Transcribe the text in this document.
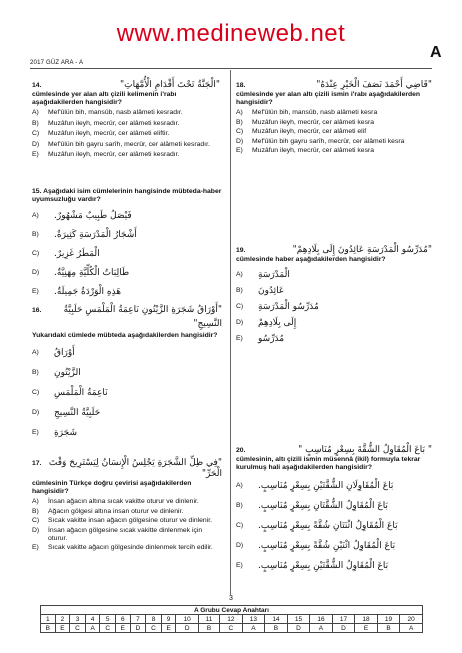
www.medineweb.net
A
2017 GÜZ ARA - A
14.	"الْجَنَّةُ تَحْتَ أَقْدَامِ الْأُمَّهَاتِ"
cümlesinde yer alan altı çizili kelimenin i'rabı aşağıdakilerden hangisidir?
A)	Mef'ûlün bih, mansûb, nasb alâmeti kesradır.
B)	Muzâfun ileyh, mecrûr, cer alâmeti kesradır.
C)	Muzâfun ileyh, mecrûr, cer alâmeti eliftir.
D)	Mef'ûlün bih gayru sarîh, mecrûr, cer alâmeti kesradır.
E)	Muzâfun ileyh, mecrûr, cer alâmeti kesradır.
15. Aşağıdaki isim cümlelerinin hangisinde mübteda-haber uyumsuzluğu vardır?
A)	فَيْصَلُ طَبِيبٌ مَشْهُورٌ.
B)	أَشْجَارُ الْمَدْرَسَةِ كَثِيرَةٌ.
C)	الْمَطَرُ غَزِيرٌ.
D)	طَالِبَاتُ الْكُلِّيَّةِ مِهَنِيَّةٌ.
E)	هَذِهِ الْوَرْدَةُ جَمِيلَةٌ.
16.	"أَوْرَاقُ شَجَرَةِ الزَّيْتُونِ نَاعِمَةُ الْمَلْمَسِ حَلَبِيَّةُ
النَّسِيجِ"
Yukarıdaki cümlede mübteda aşağıdakilerden hangisidir?
A)	أَوْرَاقُ
B)	الزَّيْتُونِ
C)	نَاعِمَةُ الْمَلْمَسِ
D)	حَلَبِيَّةُ النَّسِيجِ
E)	شَجَرَةِ
17. "فِي ظِلِّ الشَّجَرَةِ يَجْلِسُ الْإِنسَانُ لِيَسْتَرِيحَ وَقْتَ الْحَرِّ"
cümlesinin Türkçe doğru çevirisi aşağıdakilerden hangisidir?
A)	İnsan ağacın altına sıcak vakitte oturur ve dinlenir.
B)	Ağacın gölgesi altına insan oturur ve dinlenir.
C)	Sıcak vakitte insan ağacın gölgesine oturur ve dinlenir.
D)	İnsan ağacın gölgesine sıcak vakitte dinlenmek için oturur.
E)	Sıcak vakitte ağacın gölgesinde dinlenmek tercih edilir.
18.	"قَاضِي أَحْمَدَ نَصَفَ الْخَيْرِ عِنْدَهُ"
cümlesinde yer alan altı çizili ismin i'rabı aşağıdakilerden hangisidir?
A)	Mef'ûlün bih, mansûb, nasb alâmeti kesra
B)	Muzâfun ileyh, mecrûr, cer alâmeti kesra
C)	Muzâfun ileyh, mecrûr, cer alâmeti elif
D)	Mef'ûlün bih gayru sarîh, mecrûr, cer alâmeti kesra
E)	Muzâfun ileyh, mecrûr, cer alâmeti kesra
19.	"مُدَرِّسُو الْمَدْرَسَةِ عَائِدُونَ إِلَى بِلَادِهِمْ"
cümlesinde haber aşağıdakilerden hangisidir?
A)	الْمَدْرَسَةِ
B)	عَائِدُونَ
C)	مُدَرِّسُو الْمَدْرَسَةِ
D)	إِلَى بِلَادِهِمْ
E)	مُدَرِّسُو
20.	" بَاعَ الْمُقَاوِلُ الشُّقَّةَ بِسِعْرٍ مُنَاسِبٍ "
cümlesinin, altı çizili ismin müsennâ (ikil) formuyla tekrar kurulmuş hali aşağıdakilerden hangisidir?
A)	بَاعَ الْمُقَاوِلَانِ الشُّقَّتَيْنِ بِسِعْرٍ مُنَاسِبٍ.
B)	بَاعَ الْمُقَاوِلُ الشُّقَّتَانِ بِسِعْرٍ مُنَاسِبٍ.
C)	بَاعَ الْمُقَاوِلُ اثْنَتَانِ شُقَّةً بِسِعْرٍ مُنَاسِبٍ.
D)	بَاعَ الْمُقَاوِلُ اثْنَيْنِ شُقَّةً بِسِعْرٍ مُنَاسِبٍ.
E)	بَاعَ الْمُقَاوِلُ الشُّقَّتَيْنِ بِسِعْرٍ مُنَاسِبٍ.
3
A Grubu Cevap Anahtarı																			
1	2	3	4	5	6	7	8	9	10	11	12	13	14	15	16	17	18	19	20
B	E	C	A	C	E	D	C	E	D	B	C	A	B	D	A	D	E	B	A
